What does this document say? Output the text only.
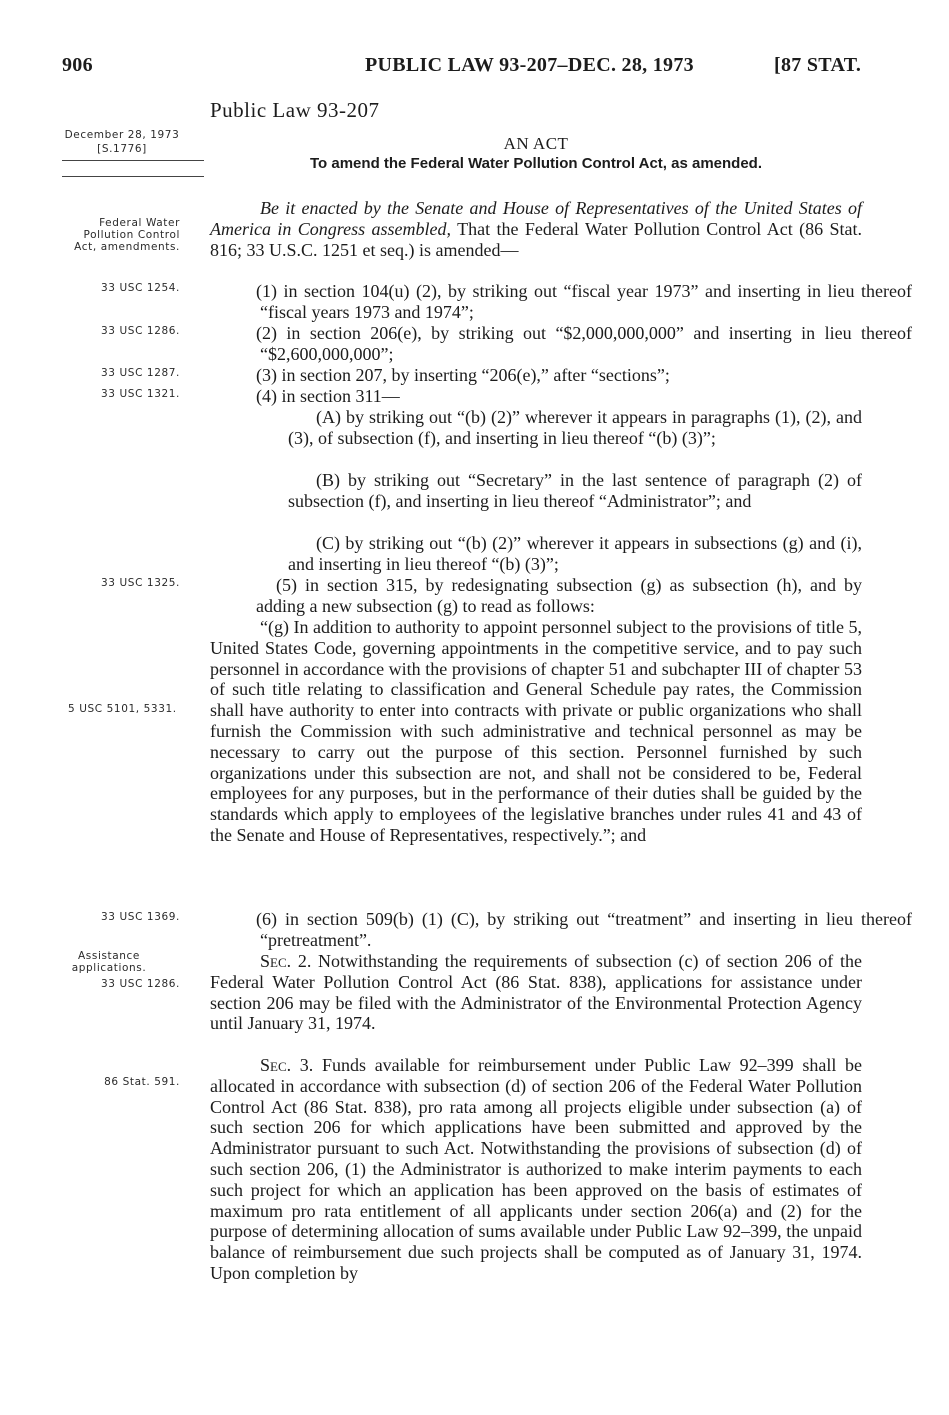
906	PUBLIC LAW 93-207–DEC. 28, 1973	[87 STAT.
Public Law 93-207
December 28, 1973
[S.1776]
Federal Water Pollution Control Act, amendments.
33 USC 1254.
33 USC 1286.
33 USC 1287.
33 USC 1321.
33 USC 1325.
5 USC 5101, 5331.
33 USC 1369.
Assistance applications.
33 USC 1286.
86 Stat. 591.
AN ACT
To amend the Federal Water Pollution Control Act, as amended.
Be it enacted by the Senate and House of Representatives of the United States of America in Congress assembled, That the Federal Water Pollution Control Act (86 Stat. 816; 33 U.S.C. 1251 et seq.) is amended—
(1) in section 104(u) (2), by striking out “fiscal year 1973” and inserting in lieu thereof “fiscal years 1973 and 1974”;
(2) in section 206(e), by striking out “$2,000,000,000” and inserting in lieu thereof “$2,600,000,000”;
(3) in section 207, by inserting “206(e),” after “sections”;
(4) in section 311—
(A) by striking out “(b) (2)” wherever it appears in paragraphs (1), (2), and (3), of subsection (f), and inserting in lieu thereof “(b) (3)”;
(B) by striking out “Secretary” in the last sentence of paragraph (2) of subsection (f), and inserting in lieu thereof “Administrator”; and
(C) by striking out “(b) (2)” wherever it appears in subsections (g) and (i), and inserting in lieu thereof “(b) (3)”;
(5) in section 315, by redesignating subsection (g) as subsection (h), and by adding a new subsection (g) to read as follows:
“(g) In addition to authority to appoint personnel subject to the provisions of title 5, United States Code, governing appointments in the competitive service, and to pay such personnel in accordance with the provisions of chapter 51 and subchapter III of chapter 53 of such title relating to classification and General Schedule pay rates, the Commission shall have authority to enter into contracts with private or public organizations who shall furnish the Commission with such administrative and technical personnel as may be necessary to carry out the purpose of this section. Personnel furnished by such organizations under this subsection are not, and shall not be considered to be, Federal employees for any purposes, but in the performance of their duties shall be guided by the standards which apply to employees of the legislative branches under rules 41 and 43 of the Senate and House of Representatives, respectively.”; and
(6) in section 509(b) (1) (C), by striking out “treatment” and inserting in lieu thereof “pretreatment”.
Sec. 2. Notwithstanding the requirements of subsection (c) of section 206 of the Federal Water Pollution Control Act (86 Stat. 838), applications for assistance under section 206 may be filed with the Administrator of the Environmental Protection Agency until January 31, 1974.
Sec. 3. Funds available for reimbursement under Public Law 92–399 shall be allocated in accordance with subsection (d) of section 206 of the Federal Water Pollution Control Act (86 Stat. 838), pro rata among all projects eligible under subsection (a) of such section 206 for which applications have been submitted and approved by the Administrator pursuant to such Act. Notwithstanding the provisions of subsection (d) of such section 206, (1) the Administrator is authorized to make interim payments to each such project for which an application has been approved on the basis of estimates of maximum pro rata entitlement of all applicants under section 206(a) and (2) for the purpose of determining allocation of sums available under Public Law 92–399, the unpaid balance of reimbursement due such projects shall be computed as of January 31, 1974. Upon completion by
